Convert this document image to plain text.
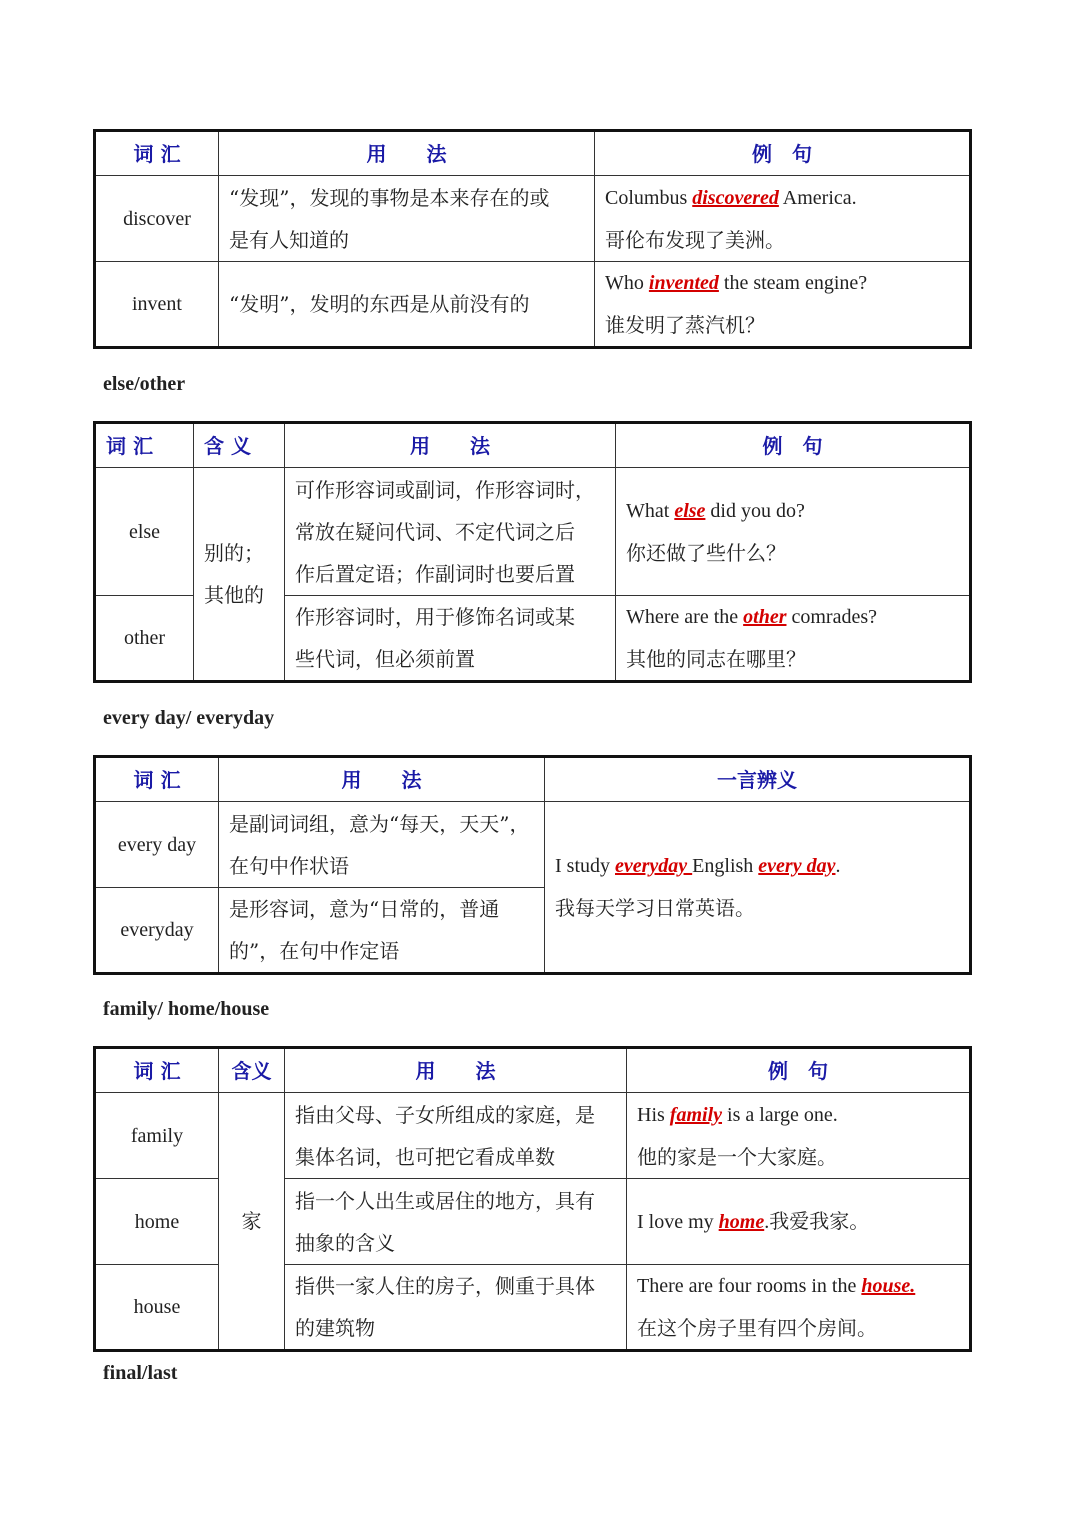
词 汇	用　　法	例　句
discover	“发现”，发现的事物是本来存在的或
是有人知道的	Columbus discovered America.
哥伦布发现了美洲。

invent	“发明”，发明的东西是从前没有的	Who invented the steam engine?
谁发明了蒸汽机？
else/other
词 汇	含 义	用　　法	例　句
else	别的；
其他的	可作形容词或副词，作形容词时，
常放在疑问代词、不定代词之后
作后置定语；作副词时也要后置	What else did you do?
你还做了些什么？

other		作形容词时，用于修饰名词或某
些代词，但必须前置	Where are the other comrades?
其他的同志在哪里？
every day/ everyday
词 汇	用　　法	一言辨义
every day	是副词词组，意为“每天，天天”，
在句中作状语	I study everyday English every day.
我每天学习日常英语。

everyday	是形容词，意为“日常的，普通
的”，在句中作定语	
family/ home/house
词 汇	含义	用　　法	例　句
family	家	指由父母、子女所组成的家庭，是
集体名词，也可把它看成单数	His family is a large one.
他的家是一个大家庭。

home		指一个人出生或居住的地方，具有
抽象的含义	I love my home.我爱我家。

house		指供一家人住的房子，侧重于具体
的建筑物	There are four rooms in the house.
在这个房子里有四个房间。
final/last
